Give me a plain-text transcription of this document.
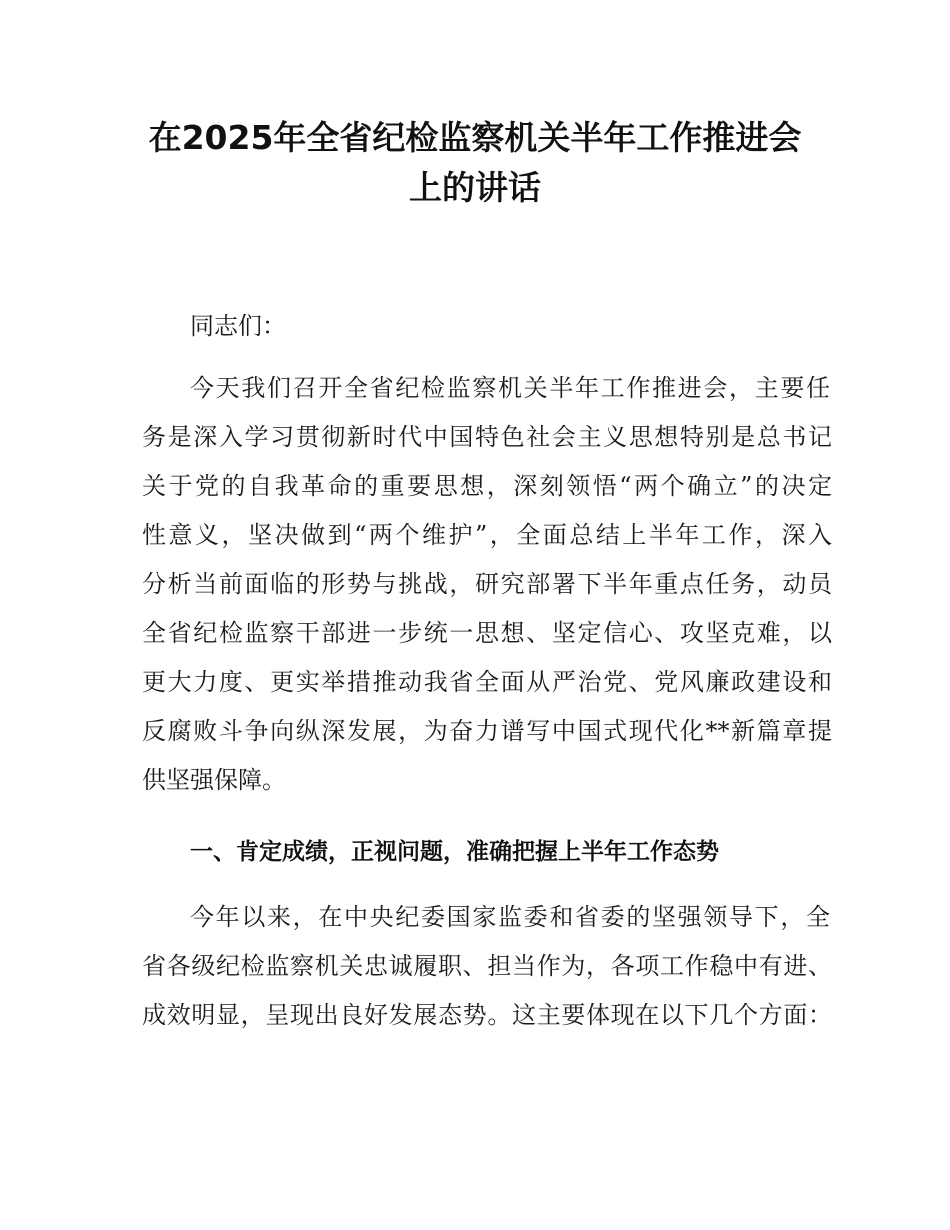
在2025年全省纪检监察机关半年工作推进会
上的讲话

同志们：

今天我们召开全省纪检监察机关半年工作推进会，主要任

务是深入学习贯彻新时代中国特色社会主义思想特别是总书记

关于党的自我革命的重要思想，深刻领悟“两个确立”的决定

性意义，坚决做到“两个维护”，全面总结上半年工作，深入

分析当前面临的形势与挑战，研究部署下半年重点任务，动员

全省纪检监察干部进一步统一思想、坚定信心、攻坚克难，以

更大力度、更实举措推动我省全面从严治党、党风廉政建设和

反腐败斗争向纵深发展，为奋力谱写中国式现代化**新篇章提

供坚强保障。

一、肯定成绩，正视问题，准确把握上半年工作态势

今年以来，在中央纪委国家监委和省委的坚强领导下，全

省各级纪检监察机关忠诚履职、担当作为，各项工作稳中有进、

成效明显，呈现出良好发展态势。这主要体现在以下几个方面：
